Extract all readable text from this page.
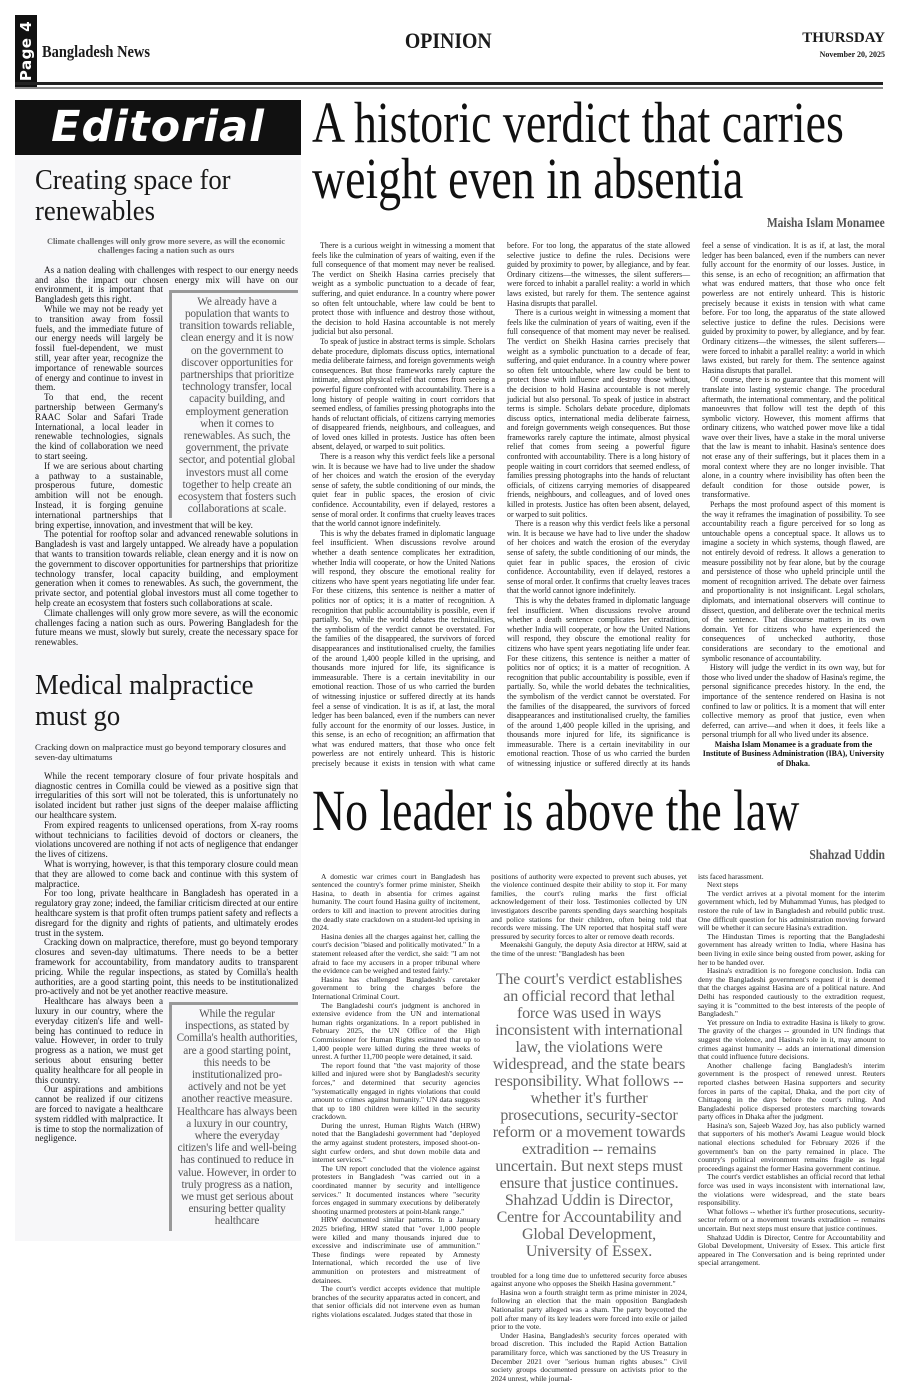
Page 4 Bangladesh News	OPINION	THURSDAY
November 20, 2025
Editorial
Creating space for
renewables
Climate challenges will only grow more severe, as will the economic challenges facing a nation such as ours
We already have a population that wants to transition towards reliable, clean energy and it is now on the government to discover opportunities for partnerships that prioritize technology transfer, local capacity building, and employment generation when it comes to renewables. As such, the government, the private sector, and potential global investors must all come together to help create an ecosystem that fosters such collaborations at scale.

As a nation dealing with challenges with respect to our energy needs and also the impact our chosen energy mix will have on our environment, it is important that Bangladesh gets this right.

While we may not be ready yet to transition away from fossil fuels, and the immediate future of our energy needs will largely be fossil fuel-dependent, we must still, year after year, recognize the importance of renewable sources of energy and continue to invest in them.

To that end, the recent partnership between Germany's RAAC Solar and Safari Trade International, a local leader in renewable technologies, signals the kind of collaboration we need to start seeing.

If we are serious about charting a pathway to a sustainable, prosperous future, domestic ambition will not be enough. Instead, it is forging genuine international partnerships that bring expertise, innovation, and investment that will be key.

The potential for rooftop solar and advanced renewable solutions in Bangladesh is vast and largely untapped. We already have a population that wants to transition towards reliable, clean energy and it is now on the government to discover opportunities for partnerships that prioritize technology transfer, local capacity building, and employment generation when it comes to renewables. As such, the government, the private sector, and potential global investors must all come together to help create an ecosystem that fosters such collaborations at scale.

Climate challenges will only grow more severe, as will the economic challenges facing a nation such as ours. Powering Bangladesh for the future means we must, slowly but surely, create the necessary space for renewables.

Medical malpractice
must go
Cracking down on malpractice must go beyond temporary closures and seven-day ultimatums
While the regular inspections, as stated by Comilla's health authorities, are a good starting point, this needs to be institutionalized pro-actively and not be yet another reactive measure. Healthcare has always been a luxury in our country, where the everyday citizen's life and well-being has continued to reduce in value. However, in order to truly progress as a nation, we must get serious about ensuring better quality healthcare

While the recent temporary closure of four private hospitals and diagnostic centres in Comilla could be viewed as a positive sign that irregularities of this sort will not be tolerated, this is unfortunately no isolated incident but rather just signs of the deeper malaise afflicting our healthcare system.

From expired reagents to unlicensed operations, from X-ray rooms without technicians to facilities devoid of doctors or cleaners, the violations uncovered are nothing if not acts of negligence that endanger the lives of citizens.

What is worrying, however, is that this temporary closure could mean that they are allowed to come back and continue with this system of malpractice.

For too long, private healthcare in Bangladesh has operated in a regulatory gray zone; indeed, the familiar criticism directed at our entire healthcare system is that profit often trumps patient safety and reflects a disregard for the dignity and rights of patients, and ultimately erodes trust in the system.

Cracking down on malpractice, therefore, must go beyond temporary closures and seven-day ultimatums. There needs to be a better framework for accountability, from mandatory audits to transparent pricing. While the regular inspections, as stated by Comilla's health authorities, are a good starting point, this needs to be institutionalized pro-actively and not be yet another reactive measure.

Healthcare has always been a luxury in our country, where the everyday citizen's life and well-being has continued to reduce in value. However, in order to truly progress as a nation, we must get serious about ensuring better quality healthcare for all people in this country.

Our aspirations and ambitions cannot be realized if our citizens are forced to navigate a healthcare system riddled with malpractice. It is time to stop the normalization of negligence.

A historic verdict that carries
weight even in absentia
Maisha Islam Monamee

There is a curious weight in witnessing a moment that feels like the culmination of years of waiting, even if the full consequence of that moment may never be realised. The verdict on Sheikh Hasina carries precisely that weight as a symbolic punctuation to a decade of fear, suffering, and quiet endurance. In a country where power so often felt untouchable, where law could be bent to protect those with influence and destroy those without, the decision to hold Hasina accountable is not merely judicial but also personal.

To speak of justice in abstract terms is simple. Scholars debate procedure, diplomats discuss optics, international media deliberate fairness, and foreign governments weigh consequences. But those frameworks rarely capture the intimate, almost physical relief that comes from seeing a powerful figure confronted with accountability. There is a long history of people waiting in court corridors that seemed endless, of families pressing photographs into the hands of reluctant officials, of citizens carrying memories of disappeared friends, neighbours, and colleagues, and of loved ones killed in protests. Justice has often been absent, delayed, or warped to suit politics.

There is a reason why this verdict feels like a personal win. It is because we have had to live under the shadow of her choices and watch the erosion of the everyday sense of safety, the subtle conditioning of our minds, the quiet fear in public spaces, the erosion of civic confidence. Accountability, even if delayed, restores a sense of moral order. It confirms that cruelty leaves traces that the world cannot ignore indefinitely.

This is why the debates framed in diplomatic language feel insufficient. When discussions revolve around whether a death sentence complicates her extradition, whether India will cooperate, or how the United Nations will respond, they obscure the emotional reality for citizens who have spent years negotiating life under fear. For these citizens, this sentence is neither a matter of politics nor of optics; it is a matter of recognition. A recognition that public accountability is possible, even if partially. So, while the world debates the technicalities, the symbolism of the verdict cannot be overstated. For the families of the disappeared, the survivors of forced disappearances and institutionalised cruelty, the families of the around 1,400 people killed in the uprising, and thousands more injured for life, its significance is immeasurable. There is a certain inevitability in our emotional reaction. Those of us who carried the burden of witnessing injustice or suffered directly at its hands feel a sense of vindication. It is as if, at last, the moral ledger has been balanced, even if the numbers can never fully account for the enormity of our losses. Justice, in this sense, is an echo of recognition; an affirmation that what was endured matters, that those who once felt powerless are not entirely unheard. This is historic precisely because it exists in tension with what came before. For too long, the apparatus of the state allowed selective justice to define the rules. Decisions were guided by proximity to power, by allegiance, and by fear. Ordinary citizens—the witnesses, the silent sufferers—were forced to inhabit a parallel reality: a world in which laws existed, but rarely for them. The sentence against Hasina disrupts that parallel.

There is a curious weight in witnessing a moment that feels like the culmination of years of waiting, even if the full consequence of that moment may never be realised. The verdict on Sheikh Hasina carries precisely that weight as a symbolic punctuation to a decade of fear, suffering, and quiet endurance. In a country where power so often felt untouchable, where law could be bent to protect those with influence and destroy those without, the decision to hold Hasina accountable is not merely judicial but also personal. To speak of justice in abstract terms is simple. Scholars debate procedure, diplomats discuss optics, international media deliberate fairness, and foreign governments weigh consequences. But those frameworks rarely capture the intimate, almost physical relief that comes from seeing a powerful figure confronted with accountability. There is a long history of people waiting in court corridors that seemed endless, of families pressing photographs into the hands of reluctant officials, of citizens carrying memories of disappeared friends, neighbours, and colleagues, and of loved ones killed in protests. Justice has often been absent, delayed, or warped to suit politics.

There is a reason why this verdict feels like a personal win. It is because we have had to live under the shadow of her choices and watch the erosion of the everyday sense of safety, the subtle conditioning of our minds, the quiet fear in public spaces, the erosion of civic confidence. Accountability, even if delayed, restores a sense of moral order. It confirms that cruelty leaves traces that the world cannot ignore indefinitely.

This is why the debates framed in diplomatic language feel insufficient. When discussions revolve around whether a death sentence complicates her extradition, whether India will cooperate, or how the United Nations will respond, they obscure the emotional reality for citizens who have spent years negotiating life under fear. For these citizens, this sentence is neither a matter of politics nor of optics; it is a matter of recognition. A recognition that public accountability is possible, even if partially. So, while the world debates the technicalities, the symbolism of the verdict cannot be overstated. For the families of the disappeared, the survivors of forced disappearances and institutionalised cruelty, the families of the around 1,400 people killed in the uprising, and thousands more injured for life, its significance is immeasurable. There is a certain inevitability in our emotional reaction. Those of us who carried the burden of witnessing injustice or suffered directly at its hands feel a sense of vindication. It is as if, at last, the moral ledger has been balanced, even if the numbers can never fully account for the enormity of our losses. Justice, in this sense, is an echo of recognition; an affirmation that what was endured matters, that those who once felt powerless are not entirely unheard. This is historic precisely because it exists in tension with what came before. For too long, the apparatus of the state allowed selective justice to define the rules. Decisions were guided by proximity to power, by allegiance, and by fear. Ordinary citizens—the witnesses, the silent sufferers—were forced to inhabit a parallel reality: a world in which laws existed, but rarely for them. The sentence against Hasina disrupts that parallel.

Of course, there is no guarantee that this moment will translate into lasting systemic change. The procedural aftermath, the international commentary, and the political manoeuvres that follow will test the depth of this symbolic victory. However, this moment affirms that ordinary citizens, who watched power move like a tidal wave over their lives, have a stake in the moral universe that the law is meant to inhabit. Hasina's sentence does not erase any of their sufferings, but it places them in a moral context where they are no longer invisible. That alone, in a country where invisibility has often been the default condition for those outside power, is transformative.

Perhaps the most profound aspect of this moment is the way it reframes the imagination of possibility. To see accountability reach a figure perceived for so long as untouchable opens a conceptual space. It allows us to imagine a society in which systems, though flawed, are not entirely devoid of redress. It allows a generation to measure possibility not by fear alone, but by the courage and persistence of those who upheld principle until the moment of recognition arrived. The debate over fairness and proportionality is not insignificant. Legal scholars, diplomats, and international observers will continue to dissect, question, and deliberate over the technical merits of the sentence. That discourse matters in its own domain. Yet for citizens who have experienced the consequences of unchecked authority, those considerations are secondary to the emotional and symbolic resonance of accountability.

History will judge the verdict in its own way, but for those who lived under the shadow of Hasina's regime, the personal significance precedes history. In the end, the importance of the sentence rendered on Hasina is not confined to law or politics. It is a moment that will enter collective memory as proof that justice, even when deferred, can arrive—and when it does, it feels like a personal triumph for all who lived under its absence.

Maisha Islam Monamee is a graduate from the Institute of Business Administration (IBA), University of Dhaka.

No leader is above the law
Shahzad Uddin

A domestic war crimes court in Bangladesh has sentenced the country's former prime minister, Sheikh Hasina, to death in absentia for crimes against humanity. The court found Hasina guilty of incitement, orders to kill and inaction to prevent atrocities during the deadly state crackdown on a student-led uprising in 2024.

Hasina denies all the charges against her, calling the court's decision "biased and politically motivated." In a statement released after the verdict, she said: "I am not afraid to face my accusers in a proper tribunal where the evidence can be weighed and tested fairly."

Hasina has challenged Bangladesh's caretaker government to bring the charges before the International Criminal Court.

The Bangladeshi court's judgment is anchored in extensive evidence from the UN and international human rights organizations. In a report published in February 2025, the UN Office of the High Commissioner for Human Rights estimated that up to 1,400 people were killed during the three weeks of unrest. A further 11,700 people were detained, it said.

The report found that "the vast majority of those killed and injured were shot by Bangladesh's security forces," and determined that security agencies "systematically engaged in rights violations that could amount to crimes against humanity." UN data suggests that up to 180 children were killed in the security crackdown.

During the unrest, Human Rights Watch (HRW) noted that the Bangladeshi government had "deployed the army against student protesters, imposed shoot-on-sight curfew orders, and shut down mobile data and internet services."

The UN report concluded that the violence against protesters in Bangladesh "was carried out in a coordinated manner by security and intelligence services." It documented instances where "security forces engaged in summary executions by deliberately shooting unarmed protesters at point-blank range."

HRW documented similar patterns. In a January 2025 briefing, HRW stated that "over 1,000 people were killed and many thousands injured due to excessive and indiscriminate use of ammunition." These findings were repeated by Amnesty International, which recorded the use of live ammunition on protesters and mistreatment of detainees.

The court's verdict accepts evidence that multiple branches of the security apparatus acted in concert, and that senior officials did not intervene even as human rights violations escalated. Judges stated that those in

positions of authority were expected to prevent such abuses, yet the violence continued despite their ability to stop it. For many families, the court's ruling marks the first official acknowledgement of their loss. Testimonies collected by UN investigators describe parents spending days searching hospitals and police stations for their children, often being told that records were missing. The UN reported that hospital staff were pressured by security forces to alter or remove death records.

Meenakshi Ganguly, the deputy Asia director at HRW, said at the time of the unrest: "Bangladesh has been

The court's verdict establishes an official record that lethal force was used in ways inconsistent with international law, the violations were widespread, and the state bears responsibility. What follows -- whether it's further prosecutions, security-sector reform or a movement towards extradition -- remains uncertain. But next steps must ensure that justice continues. Shahzad Uddin is Director, Centre for Accountability and Global Development, University of Essex.

troubled for a long time due to unfettered security force abuses against anyone who opposes the Sheikh Hasina government."

Hasina won a fourth straight term as prime minister in 2024, following an election that the main opposition Bangladesh Nationalist party alleged was a sham. The party boycotted the poll after many of its key leaders were forced into exile or jailed prior to the vote.

Under Hasina, Bangladesh's security forces operated with broad discretion. This included the Rapid Action Battalion paramilitary force, which was sanctioned by the US Treasury in December 2021 over "serious human rights abuses." Civil society groups documented pressure on activists prior to the 2024 unrest, while journal-

ists faced harassment.

Next steps

The verdict arrives at a pivotal moment for the interim government which, led by Muhammad Yunus, has pledged to restore the rule of law in Bangladesh and rebuild public trust. One difficult question for his administration moving forward will be whether it can secure Hasina's extradition.

The Hindustan Times is reporting that the Bangladeshi government has already written to India, where Hasina has been living in exile since being ousted from power, asking for her to be handed over.

Hasina's extradition is no foregone conclusion. India can deny the Bangladeshi government's request if it is deemed that the charges against Hasina are of a political nature. And Delhi has responded cautiously to the extradition request, saying it is "committed to the best interests of the people of Bangladesh."

Yet pressure on India to extradite Hasina is likely to grow. The gravity of the charges -- grounded in UN findings that suggest the violence, and Hasina's role in it, may amount to crimes against humanity -- adds an international dimension that could influence future decisions.

Another challenge facing Bangladesh's interim government is the prospect of renewed unrest. Reuters reported clashes between Hasina supporters and security forces in parts of the capital, Dhaka, and the port city of Chittagong in the days before the court's ruling. And Bangladeshi police dispersed protesters marching towards party offices in Dhaka after the judgment.

Hasina's son, Sajeeb Wazed Joy, has also publicly warned that supporters of his mother's Awami League would block national elections scheduled for February 2026 if the government's ban on the party remained in place. The country's political environment remains fragile as legal proceedings against the former Hasina government continue.

The court's verdict establishes an official record that lethal force was used in ways inconsistent with international law, the violations were widespread, and the state bears responsibility.

What follows -- whether it's further prosecutions, security-sector reform or a movement towards extradition -- remains uncertain. But next steps must ensure that justice continues.

Shahzad Uddin is Director, Centre for Accountability and Global Development, University of Essex. This article first appeared in The Conversation and is being reprinted under special arrangement.
